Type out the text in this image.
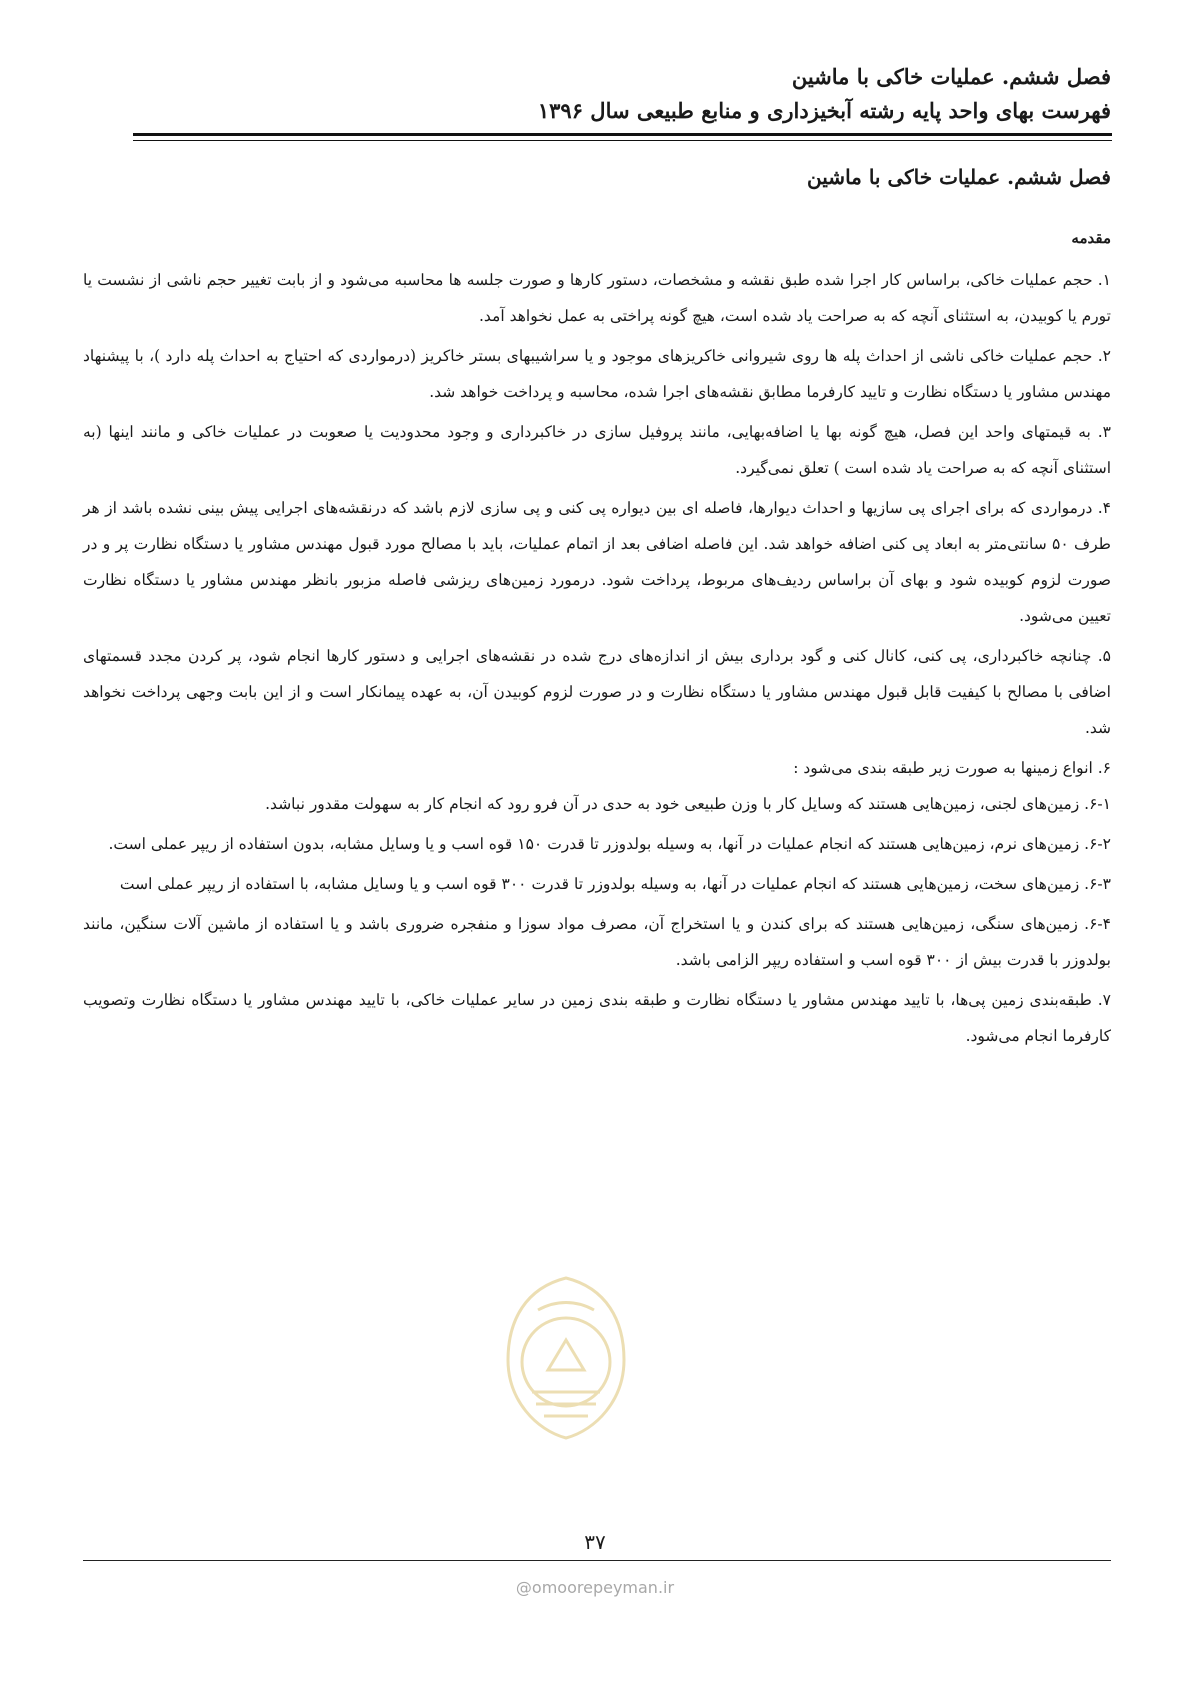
فصل ششم. عملیات خاکی با ماشین
فهرست بهای واحد پایه رشته آبخیزداری و منابع طبیعی سال ۱۳۹۶
فصل ششم. عملیات خاکی با ماشین
مقدمه

۱. حجم عملیات خاکی، براساس کار اجرا شده طبق نقشه و مشخصات، دستور کارها و صورت جلسه ها محاسبه می‌شود و از بابت تغییر حجم ناشی از نشست یا تورم یا کوبیدن، به استثنای آنچه که به صراحت یاد شده است، هیچ گونه پراختی به عمل نخواهد آمد.

۲. حجم عملیات خاکی ناشی از احداث پله ها روی شیروانی خاکریزهای موجود و یا سراشیبهای بستر خاکریز (درمواردی که احتیاج به احداث پله دارد )، با پیشنهاد مهندس مشاور یا دستگاه نظارت و تایید کارفرما مطابق نقشه‌های اجرا شده، محاسبه و پرداخت خواهد شد.

۳. به قیمتهای واحد این فصل، هیچ گونه بها یا اضافه‌بهایی، مانند پروفیل سازی در خاکبرداری و وجود محدودیت یا صعوبت در عملیات خاکی و مانند اینها (به استثنای آنچه که به صراحت یاد شده است ) تعلق نمی‌گیرد.

۴. درمواردی که برای اجرای پی سازیها و احداث دیوارها، فاصله ای بین دیواره پی کنی و پی سازی لازم باشد که درنقشه‌های اجرایی پیش بینی نشده باشد از هر طرف ۵۰ سانتی‌متر به ابعاد پی کنی اضافه خواهد شد. این فاصله اضافی بعد از اتمام عملیات، باید با مصالح مورد قبول مهندس مشاور یا دستگاه نظارت پر و در صورت لزوم کوبیده شود و بهای آن براساس ردیف‌های مربوط، پرداخت شود. درمورد زمین‌های ریزشی فاصله مزبور بانظر مهندس مشاور یا دستگاه نظارت تعیین می‌شود.

۵. چنانچه خاکبرداری، پی کنی، کانال کنی و گود برداری بیش از اندازه‌های درج شده در نقشه‌های اجرایی و دستور کارها انجام شود، پر کردن مجدد قسمتهای اضافی با مصالح با کیفیت قابل قبول مهندس مشاور یا دستگاه نظارت و در صورت لزوم کوبیدن آن، به عهده پیمانکار است و از این بابت وجهی پرداخت نخواهد شد.

۶. انواع زمینها به صورت زیر طبقه بندی می‌شود :

۶-۱. زمین‌های لجنی، زمین‌هایی هستند که وسایل کار با وزن طبیعی خود به حدی در آن فرو رود که انجام کار به سهولت مقدور نباشد.

۶-۲. زمین‌های نرم، زمین‌هایی هستند که انجام عملیات در آنها، به وسیله بولدوزر تا قدرت ۱۵۰ قوه اسب و یا وسایل مشابه، بدون استفاده از ریپر عملی است.

۶-۳. زمین‌های سخت، زمین‌هایی هستند که انجام عملیات در آنها، به وسیله بولدوزر تا قدرت ۳۰۰ قوه اسب و یا وسایل مشابه، با استفاده از ریپر عملی است

۶-۴. زمین‌های سنگی، زمین‌هایی هستند که برای کندن و یا استخراج آن، مصرف مواد سوزا و منفجره ضروری باشد و یا استفاده از ماشین آلات سنگین، مانند بولدوزر با قدرت بیش از ۳۰۰ قوه اسب و استفاده ریپر الزامی باشد.

۷. طبقه‌بندی زمین پی‌ها، با تایید مهندس مشاور یا دستگاه نظارت و طبقه بندی زمین در سایر عملیات خاکی، با تایید مهندس مشاور یا دستگاه نظارت وتصویب کارفرما انجام می‌شود.

۳۷
@omoorepeyman.ir
